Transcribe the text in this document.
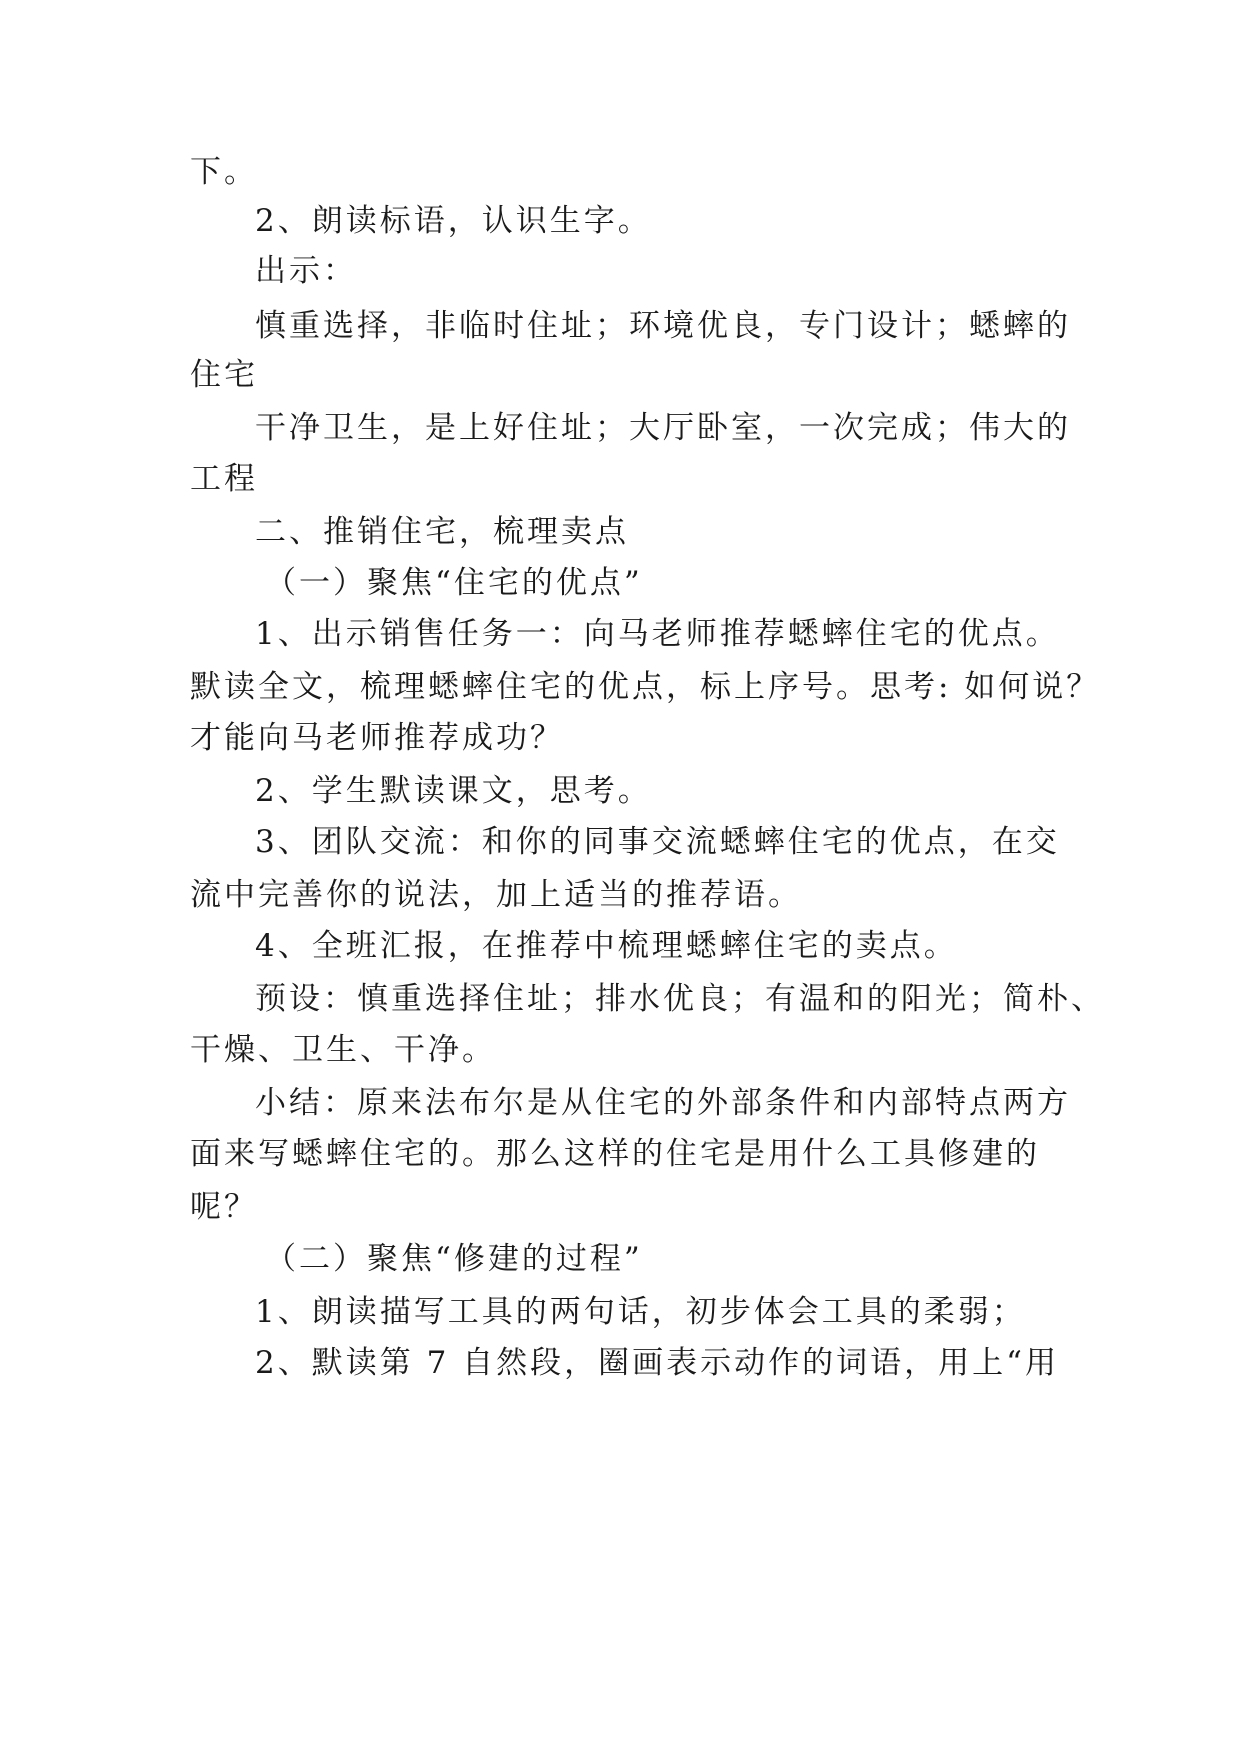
下。
2、朗读标语，认识生字。
出示：
慎重选择，非临时住址；环境优良，专门设计；蟋蟀的
住宅
干净卫生，是上好住址；大厅卧室，一次完成；伟大的
工程
二、推销住宅，梳理卖点
（一）聚焦“住宅的优点”
1、出示销售任务一：向马老师推荐蟋蟀住宅的优点。
默读全文，梳理蟋蟀住宅的优点，标上序号。思考: 如何说？
才能向马老师推荐成功？
2、学生默读课文，思考。
3、团队交流：和你的同事交流蟋蟀住宅的优点，在交
流中完善你的说法，加上适当的推荐语。
4、全班汇报，在推荐中梳理蟋蟀住宅的卖点。
预设：慎重选择住址；排水优良；有温和的阳光；简朴、
干燥、卫生、干净。
小结：原来法布尔是从住宅的外部条件和内部特点两方
面来写蟋蟀住宅的。那么这样的住宅是用什么工具修建的
呢？
（二）聚焦“修建的过程”
1、朗读描写工具的两句话，初步体会工具的柔弱；
2、默读第 7 自然段，圈画表示动作的词语，用上“用
